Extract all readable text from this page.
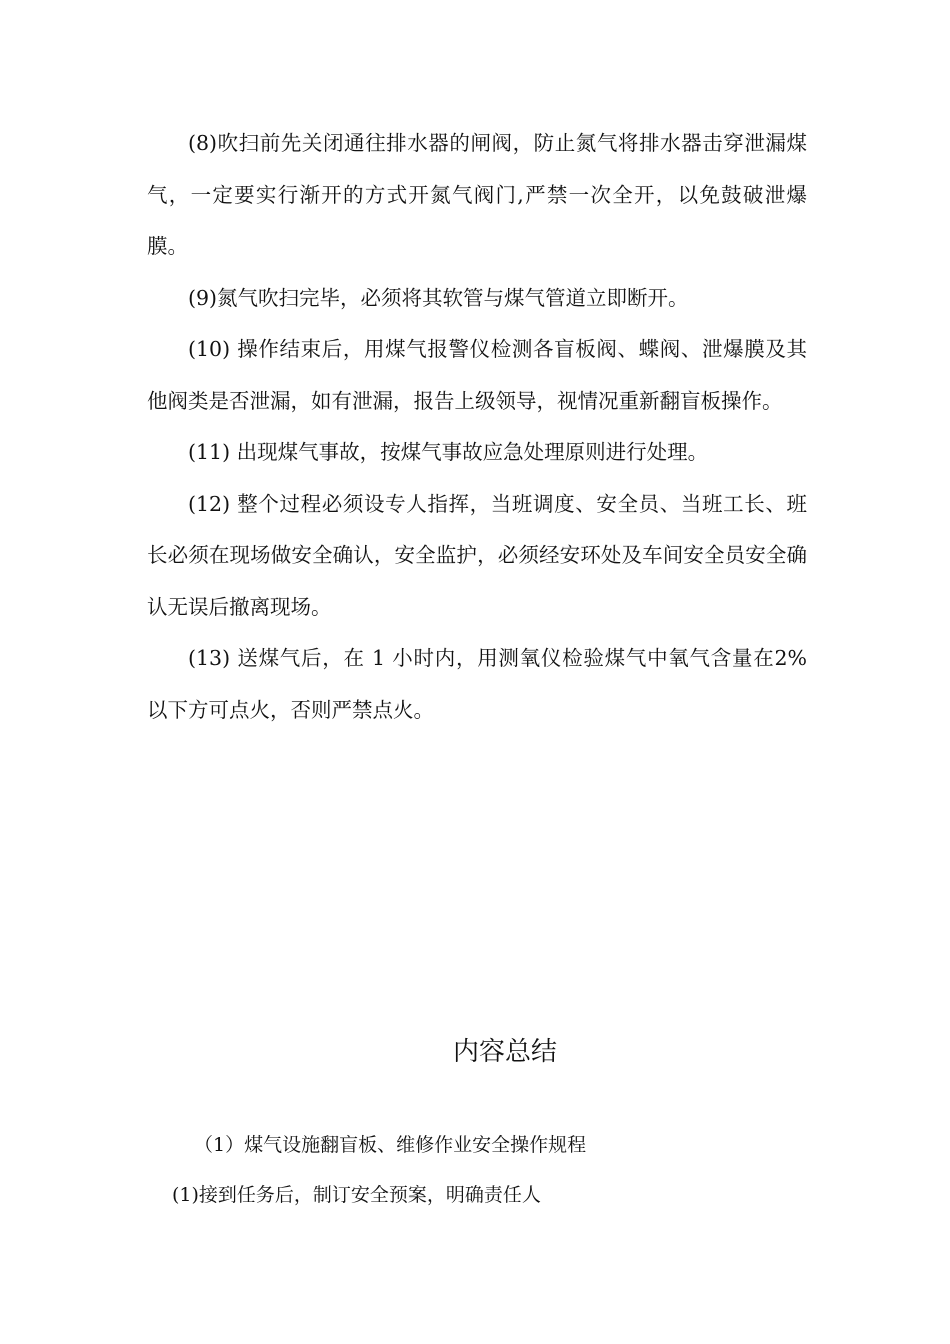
(8)吹扫前先关闭通往排水器的闸阀，防止氮气将排水器击穿泄漏煤气，一定要实行渐开的方式开氮气阀门,严禁一次全开，以免鼓破泄爆膜。

(9)氮气吹扫完毕，必须将其软管与煤气管道立即断开。

(10) 操作结束后，用煤气报警仪检测各盲板阀、蝶阀、泄爆膜及其他阀类是否泄漏，如有泄漏，报告上级领导，视情况重新翻盲板操作。

(11) 出现煤气事故，按煤气事故应急处理原则进行处理。

(12) 整个过程必须设专人指挥，当班调度、安全员、当班工长、班长必须在现场做安全确认，安全监护，必须经安环处及车间安全员安全确认无误后撤离现场。

(13) 送煤气后，在 1 小时内，用测氧仪检验煤气中氧气含量在2%以下方可点火，否则严禁点火。

内容总结
（1）煤气设施翻盲板、维修作业安全操作规程
(1)接到任务后，制订安全预案，明确责任人
